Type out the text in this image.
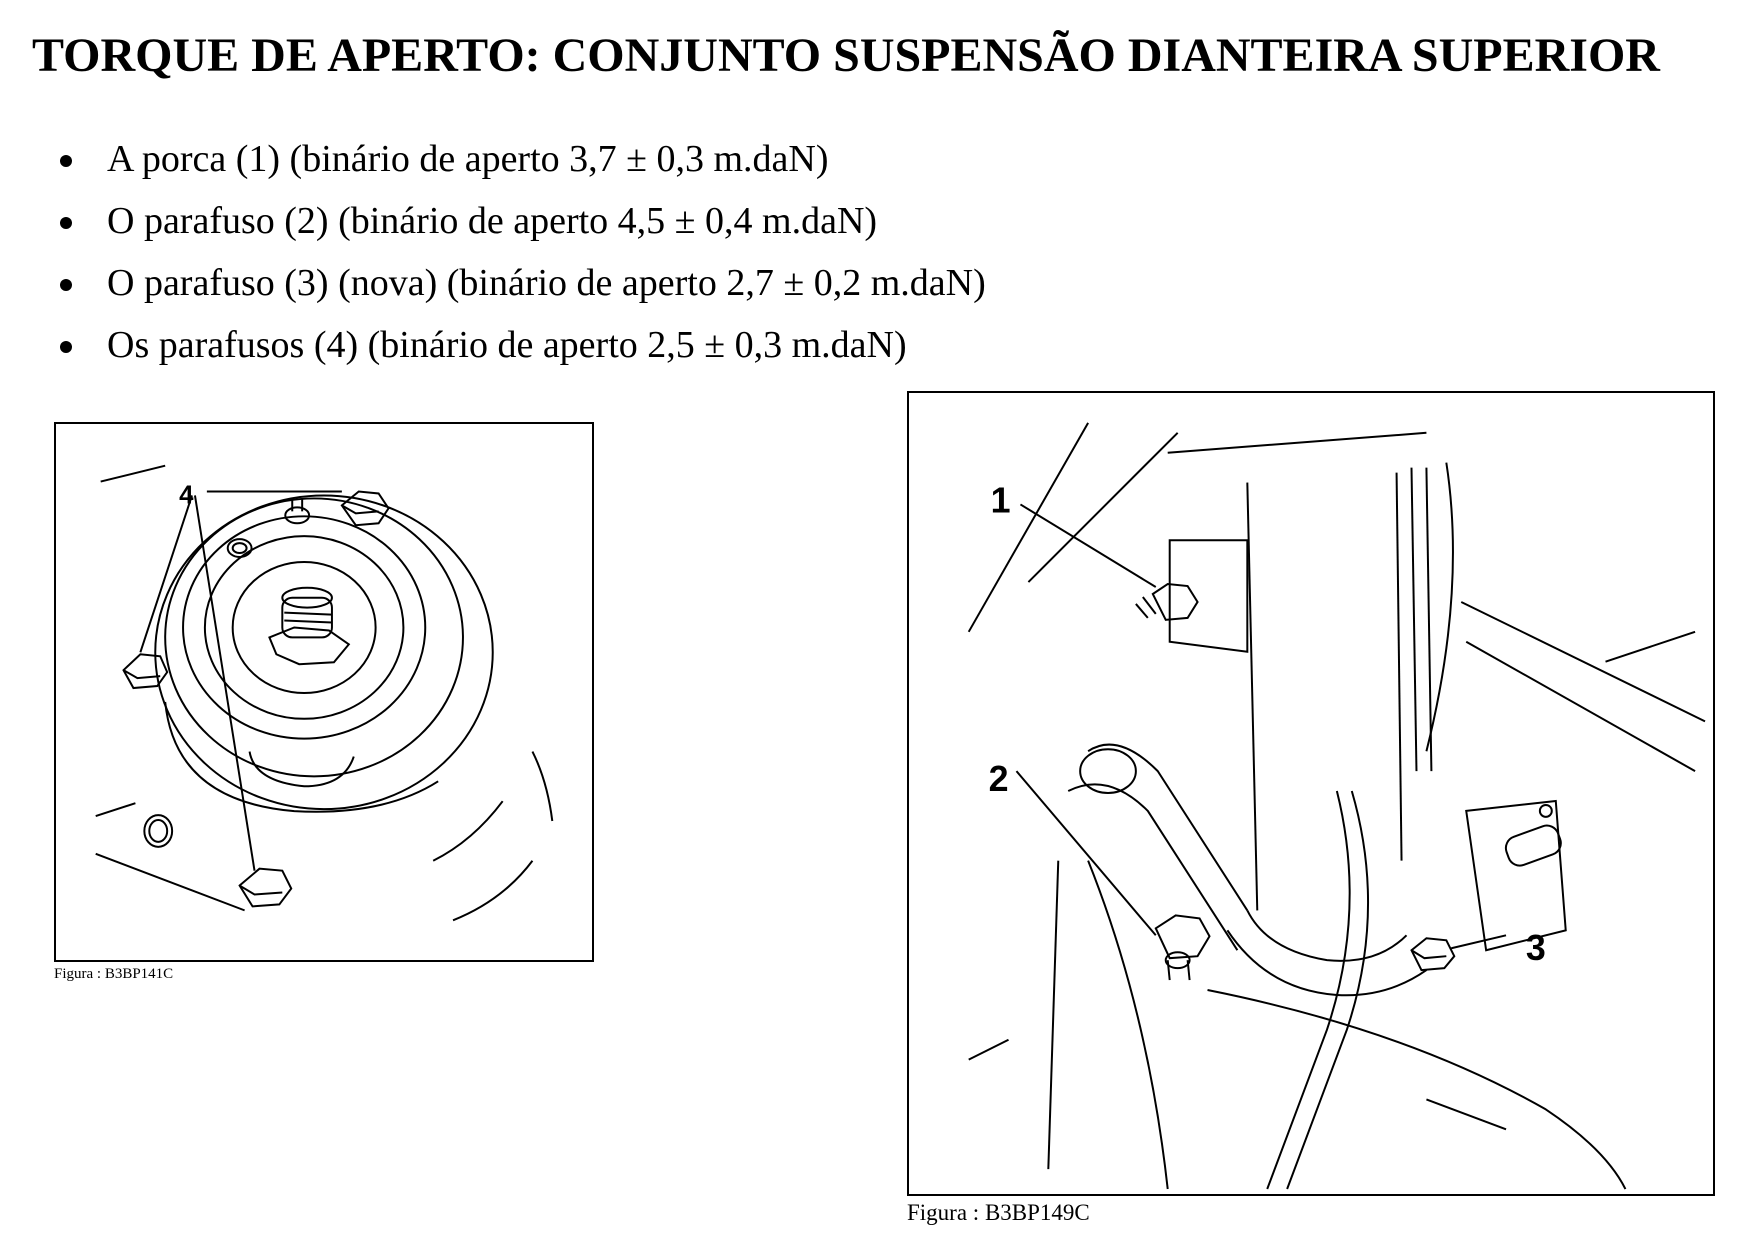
TORQUE DE APERTO: CONJUNTO SUSPENSÃO DIANTEIRA SUPERIOR
A porca (1) (binário de aperto 3,7 ± 0,3 m.daN)
O parafuso (2) (binário de aperto 4,5 ± 0,4 m.daN)
O parafuso (3) (nova) (binário de aperto 2,7 ± 0,2 m.daN)
Os parafusos (4) (binário de aperto 2,5 ± 0,3 m.daN)
4
Figura : B3BP141C
1
2
3
Figura : B3BP149C
